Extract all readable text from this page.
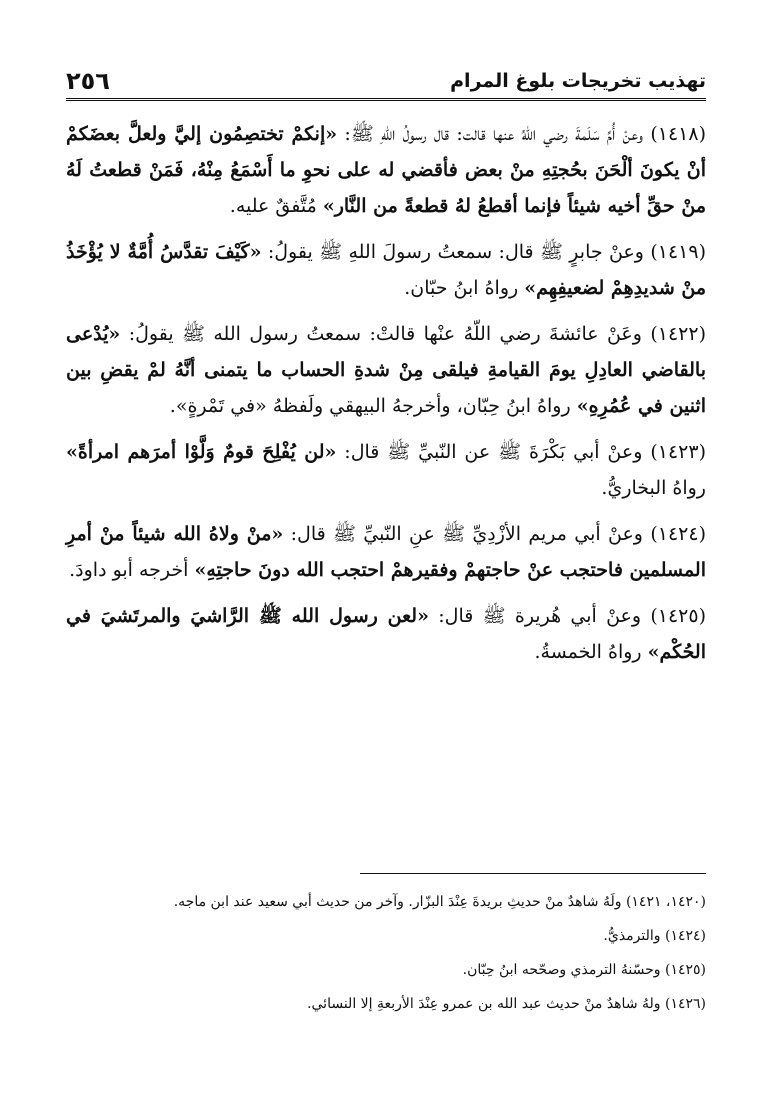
تهذيب تخريجات بلوغ المرام
٢٥٦

(١٤١٨) وعنْ أُمِّ سَلَمةَ رضي اللّهُ عنها قالت: قال رسولُ اللهِ ﷺ: «إنكمْ تختصِمُون إليَّ ولعلَّ بعضَكمْ أنْ يكونَ ألْحَنَ بحُجتِهِ منْ بعض فأقضي له على نحوِ ما أَسْمَعُ مِنْهُ، فَمَنْ قطعتُ لَهُ منْ حقِّ أخيه شيئاً فإنما أقطعُ لهُ قطعةً من النَّار» مُتَّفقٌ عليه.

(١٤١٩) وعنْ جابرٍ ﷺ قال: سمعتُ رسولَ اللهِ ﷺ يقولُ: «كَيْفَ تقدَّسُ أُمَّةٌ لا يُؤْخَذُ منْ شديدِهِمْ لضعيفِهِم» رواهُ ابنُ حبّان.

(١٤٢٢) وعَنْ عائشةَ رضي اللّهُ عنْها قالتْ: سمعتُ رسول الله ﷺ يقولُ: «يُدْعى بالقاضي العادِلِ يومَ القيامةِ فيلقى مِنْ شدةِ الحساب ما يتمنى أنَّهُ لمْ يقضِ بين اثنين في عُمُرِهِ» رواهُ ابنُ حِبّان، وأخرجهُ البيهقي ولَفظهُ «في تَمْرةٍ».

(١٤٢٣) وعنْ أبي بَكْرَةَ ﷺ عن النّبيِّ ﷺ قال: «لن يُفْلِحَ قومٌ وَلَّوْا أمرَهم امرأةً» رواهُ البخاريُّ.

(١٤٢٤) وعنْ أبي مريم الأزْدِيِّ ﷺ عنِ النّبيِّ ﷺ قال: «منْ ولاهُ الله شيئاً منْ أمرِ المسلمين فاحتجب عنْ حاجتهمْ وفقيرهمْ احتجب الله دونَ حاجتِهِ» أخرجه أبو داودَ.

(١٤٢٥) وعنْ أبي هُريرة ﷺ قال: «لعن رسول الله ﷺ الرَّاشيَ والمرتَشيَ في الحُكْم» رواهُ الخمسةُ.

(١٤٢٠، ١٤٢١) ولَهُ شاهدٌ منْ حديثِ بريدةَ عِنْدَ البزّار. وآخر من حديث أبي سعيد عند ابن ماجه.

(١٤٢٤) والترمذيُّ.

(١٤٢٥) وحسّنهُ الترمذي وصحّحه ابنُ حِبّان.

(١٤٢٦) ولهُ شاهدٌ منْ حديث عبد الله بن عمرو عِنْدَ الأربعةِ إلا النسائي.
